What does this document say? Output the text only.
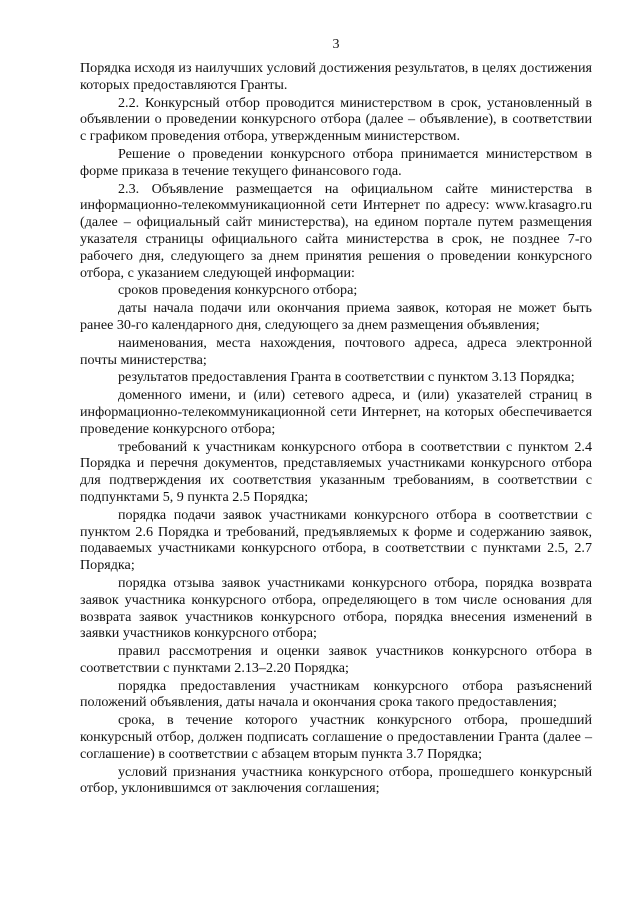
3

Порядка исходя из наилучших условий достижения результатов, в целях достижения которых предоставляются Гранты.

2.2. Конкурсный отбор проводится министерством в срок, установленный в объявлении о проведении конкурсного отбора (далее – объявление), в соответствии с графиком проведения отбора, утвержденным министерством.

Решение о проведении конкурсного отбора принимается министерством в форме приказа в течение текущего финансового года.

2.3. Объявление размещается на официальном сайте министерства в информационно-телекоммуникационной сети Интернет по адресу: www.krasagro.ru (далее – официальный сайт министерства), на едином портале путем размещения указателя страницы официального сайта министерства в срок, не позднее 7-го рабочего дня, следующего за днем принятия решения о проведении конкурсного отбора, с указанием следующей информации:

сроков проведения конкурсного отбора;

даты начала подачи или окончания приема заявок, которая не может быть ранее 30-го календарного дня, следующего за днем размещения объявления;

наименования, места нахождения, почтового адреса, адреса электронной почты министерства;

результатов предоставления Гранта в соответствии с пунктом 3.13 Порядка;

доменного имени, и (или) сетевого адреса, и (или) указателей страниц в информационно-телекоммуникационной сети Интернет, на которых обеспечивается проведение конкурсного отбора;

требований к участникам конкурсного отбора в соответствии с пунктом 2.4 Порядка и перечня документов, представляемых участниками конкурсного отбора для подтверждения их соответствия указанным требованиям, в соответствии с подпунктами 5, 9 пункта 2.5 Порядка;

порядка подачи заявок участниками конкурсного отбора в соответствии с пунктом 2.6 Порядка и требований, предъявляемых к форме и содержанию заявок, подаваемых участниками конкурсного отбора, в соответствии с пунктами 2.5, 2.7 Порядка;

порядка отзыва заявок участниками конкурсного отбора, порядка возврата заявок участника конкурсного отбора, определяющего в том числе основания для возврата заявок участников конкурсного отбора, порядка внесения изменений в заявки участников конкурсного отбора;

правил рассмотрения и оценки заявок участников конкурсного отбора в соответствии с пунктами 2.13–2.20 Порядка;

порядка предоставления участникам конкурсного отбора разъяснений положений объявления, даты начала и окончания срока такого предоставления;

срока, в течение которого участник конкурсного отбора, прошедший конкурсный отбор, должен подписать соглашение о предоставлении Гранта (далее – соглашение) в соответствии с абзацем вторым пункта 3.7 Порядка;

условий признания участника конкурсного отбора, прошедшего конкурсный отбор, уклонившимся от заключения соглашения;
